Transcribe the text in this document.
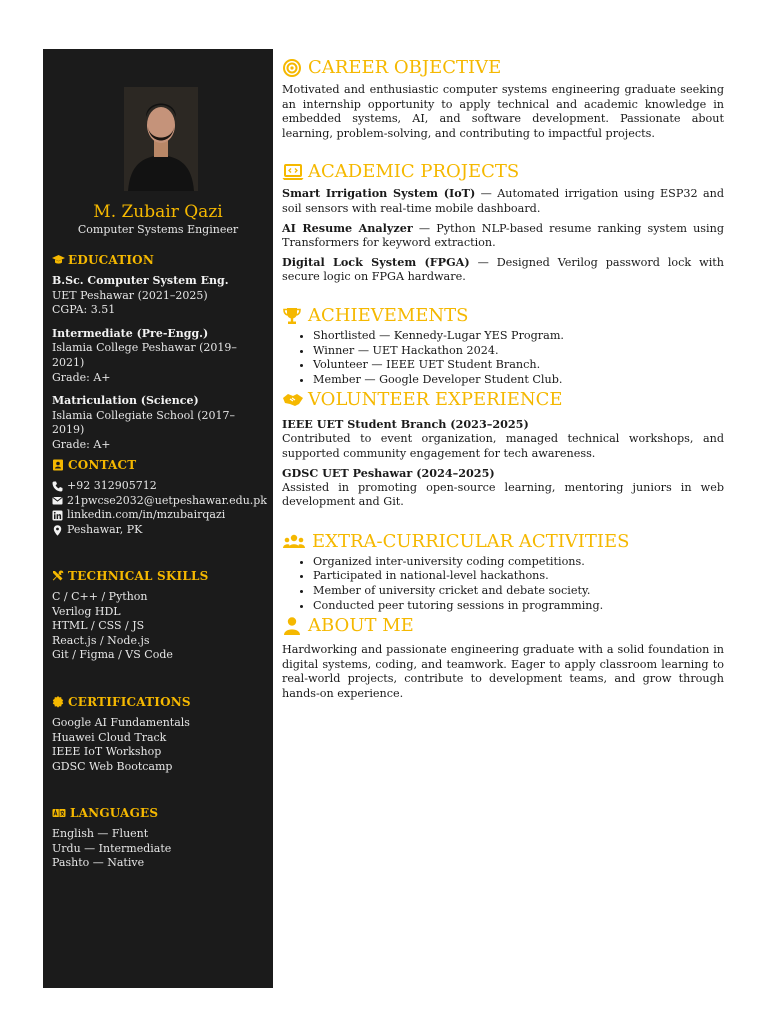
M. Zubair Qazi
Computer Systems Engineer
EDUCATION
B.Sc. Computer System Eng.
UET Peshawar (2021–2025)
CGPA: 3.51
Intermediate (Pre-Engg.)
Islamia College Peshawar (2019–2021)
Grade: A+
Matriculation (Science)
Islamia Collegiate School (2017–2019)
Grade: A+
CONTACT
+92 312905712
21pwcse2032@uetpeshawar.edu.pk
linkedin.com/in/mzubairqazi
Peshawar, PK
TECHNICAL SKILLS
C / C++ / Python
Verilog HDL
HTML / CSS / JS
React.js / Node.js
Git / Figma / VS Code
CERTIFICATIONS
Google AI Fundamentals
Huawei Cloud Track
IEEE IoT Workshop
GDSC Web Bootcamp
LANGUAGES
English — Fluent
Urdu — Intermediate
Pashto — Native
CAREER OBJECTIVE
Motivated and enthusiastic computer systems engineering graduate seeking an internship opportunity to apply technical and academic knowledge in embedded systems, AI, and software development. Passionate about learning, problem-solving, and contributing to impactful projects.
ACADEMIC PROJECTS
Smart Irrigation System (IoT) — Automated irrigation using ESP32 and soil sensors with real-time mobile dashboard.
AI Resume Analyzer — Python NLP-based resume ranking system using Transformers for keyword extraction.
Digital Lock System (FPGA) — Designed Verilog password lock with secure logic on FPGA hardware.
ACHIEVEMENTS
• Shortlisted — Kennedy-Lugar YES Program.
• Winner — UET Hackathon 2024.
• Volunteer — IEEE UET Student Branch.
• Member — Google Developer Student Club.
VOLUNTEER EXPERIENCE
IEEE UET Student Branch (2023–2025)
Contributed to event organization, managed technical workshops, and supported community engagement for tech awareness.
GDSC UET Peshawar (2024–2025)
Assisted in promoting open-source learning, mentoring juniors in web development and Git.
EXTRA-CURRICULAR ACTIVITIES
• Organized inter-university coding competitions.
• Participated in national-level hackathons.
• Member of university cricket and debate society.
• Conducted peer tutoring sessions in programming.
ABOUT ME
Hardworking and passionate engineering graduate with a solid foundation in digital systems, coding, and teamwork. Eager to apply classroom learning to real-world projects, contribute to development teams, and grow through hands-on experience.
